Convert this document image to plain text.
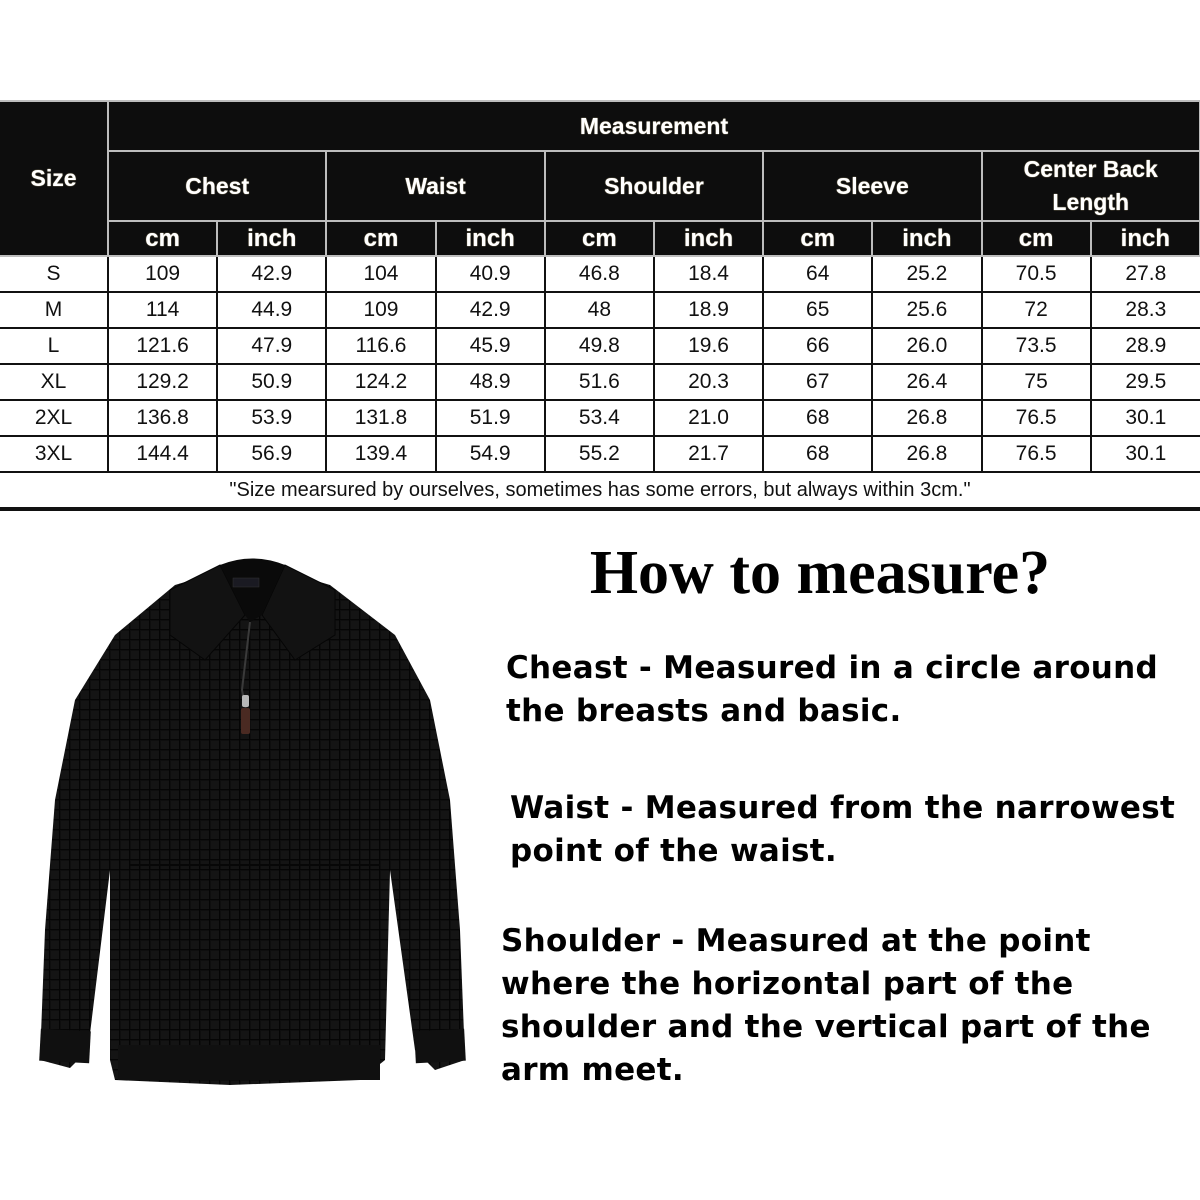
Size	Measurement									
	Chest		Waist		Shoulder		Sleeve		Center Back Length	
	cm	inch	cm	inch	cm	inch	cm	inch	cm	inch
S	109	42.9	104	40.9	46.8	18.4	64	25.2	70.5	27.8
M	114	44.9	109	42.9	48	18.9	65	25.6	72	28.3
L	121.6	47.9	116.6	45.9	49.8	19.6	66	26.0	73.5	28.9
XL	129.2	50.9	124.2	48.9	51.6	20.3	67	26.4	75	29.5
2XL	136.8	53.9	131.8	51.9	53.4	21.0	68	26.8	76.5	30.1
3XL	144.4	56.9	139.4	54.9	55.2	21.7	68	26.8	76.5	30.1
"Size mearsured by ourselves, sometimes has some errors, but always within 3cm."										
How to measure?
Cheast - Measured in a circle around the breasts and basic.
Waist - Measured from the narrowest point of the waist.
Shoulder - Measured at the point where the horizontal part of the shoulder and the vertical part of the arm meet.
